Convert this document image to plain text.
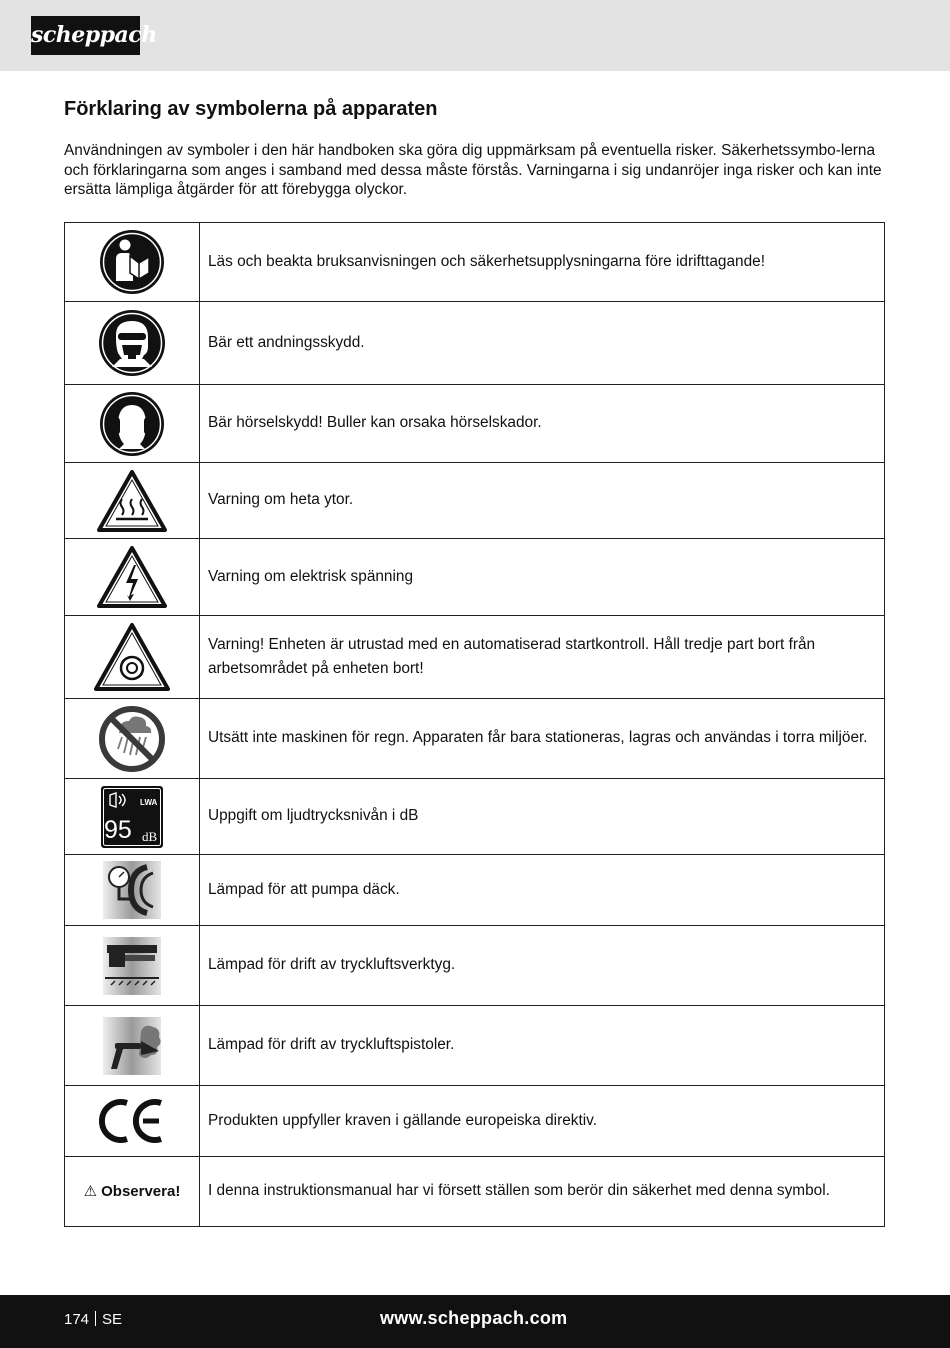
scheppach
Förklaring av symbolerna på apparaten

Användningen av symboler i den här handboken ska göra dig uppmärksam på eventuella risker. Säkerhetssymbo-lerna och förklaringarna som anges i samband med dessa måste förstås. Varningarna i sig undanröjer inga risker och kan inte ersätta lämpliga åtgärder för att förebygga olyckor.

	Läs och beakta bruksanvisningen och säkerhetsupplysningarna före idrifttagande!

	Bär ett andningsskydd.

	Bär hörselskydd! Buller kan orsaka hörselskador.

	Varning om heta ytor.

	Varning om elektrisk spänning

	Varning! Enheten är utrustad med en automatiserad startkontroll. Håll tredje part bort från arbetsområdet på enheten bort!

	Utsätt inte maskinen för regn. Apparaten får bara stationeras, lagras och användas i torra miljöer.

LWA
95 dB	Uppgift om ljudtrycksnivån i dB

	Lämpad för att pumpa däck.

	Lämpad för drift av tryckluftsverktyg.

	Lämpad för drift av tryckluftspistoler.

	Produkten uppfyller kraven i gällande europeiska direktiv.
⚠ Observera!	I denna instruktionsmanual har vi försett ställen som berör din säkerhet med denna symbol.
174 SE	www.scheppach.com
